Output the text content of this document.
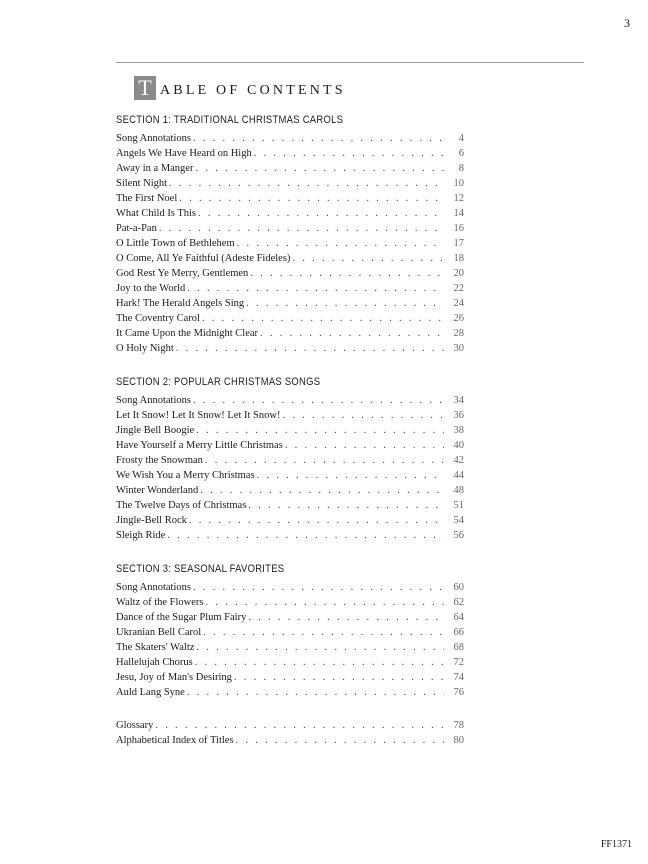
3
T ABLE OF CONTENTS
SECTION 1: TRADITIONAL CHRISTMAS CAROLS
Song Annotations . . .	4
Angels We Have Heard on High . . .	6
Away in a Manger . . .	8
Silent Night . . .	10
The First Noel . . .	12
What Child Is This . . .	14
Pat-a-Pan . . .	16
O Little Town of Bethlehem . . .	17
O Come, All Ye Faithful (Adeste Fideles) . . .	18
God Rest Ye Merry, Gentlemen . . .	20
Joy to the World . . .	22
Hark! The Herald Angels Sing . . .	24
The Coventry Carol . . .	26
It Came Upon the Midnight Clear . . .	28
O Holy Night . . .	30
SECTION 2: POPULAR CHRISTMAS SONGS
Song Annotations . . .	34
Let It Snow! Let It Snow! Let It Snow! . . .	36
Jingle Bell Boogie . . .	38
Have Yourself a Merry Little Christmas . . .	40
Frosty the Snowman . . .	42
We Wish You a Merry Christmas . . .	44
Winter Wonderland . . .	48
The Twelve Days of Christmas . . .	51
Jingle-Bell Rock . . .	54
Sleigh Ride . . .	56
SECTION 3: SEASONAL FAVORITES
Song Annotations . . .	60
Waltz of the Flowers . . .	62
Dance of the Sugar Plum Fairy . . .	64
Ukranian Bell Carol . . .	66
The Skaters' Waltz . . .	68
Hallelujah Chorus . . .	72
Jesu, Joy of Man's Desiring . . .	74
Auld Lang Syne . . .	76
Glossary . . .	78
Alphabetical Index of Titles . . .	80
FF1371
